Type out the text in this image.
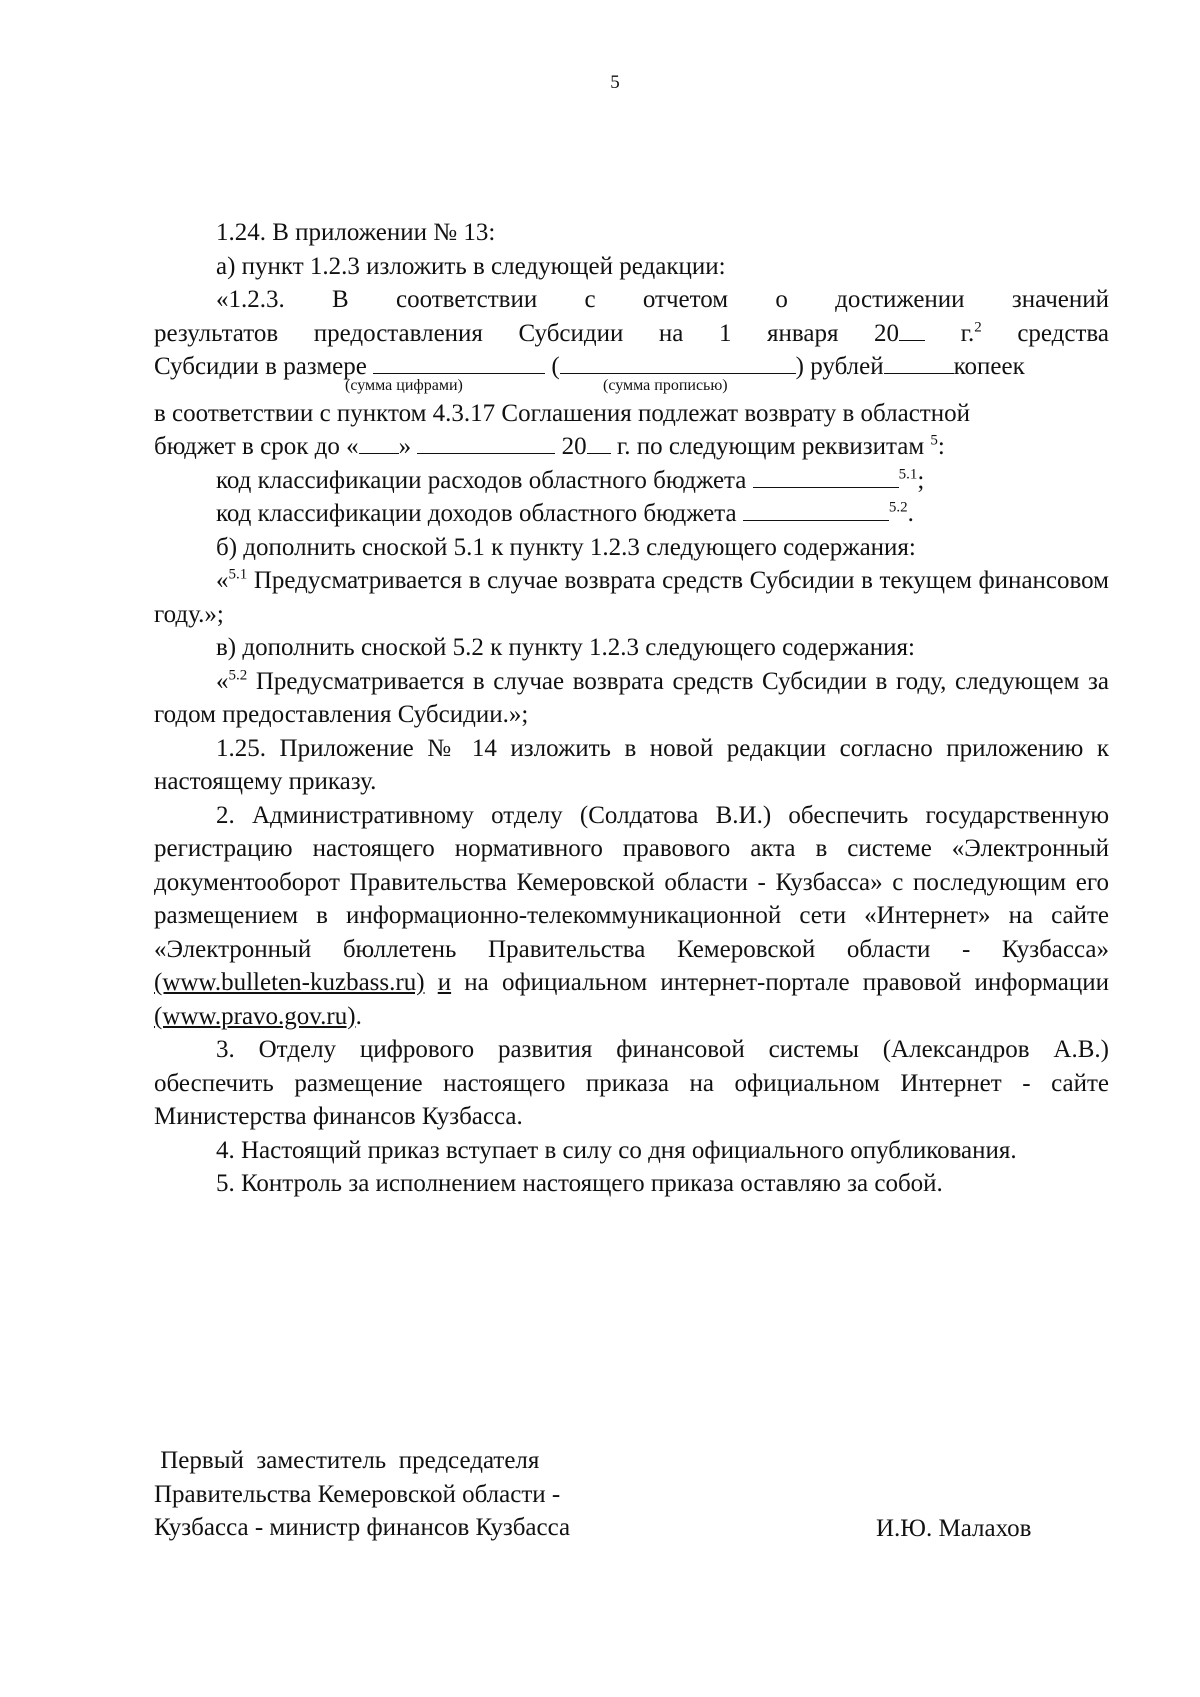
5

1.24. В приложении № 13:

а) пункт 1.2.3 изложить в следующей редакции:

«1.2.3. В соответствии с отчетом о достижении значений

результатов предоставления Субсидии на 1 января 20 г.$^2$ средства

Субсидии в размере	(	) рублей	копеек

(сумма цифрами)	(сумма прописью)

в соответствии с пунктом 4.3.17 Соглашения подлежат возврату в областной

бюджет в срок до « »	20 г. по следующим реквизитам $^5$:

код классификации расходов областного бюджета	$^{5.1}$;

код классификации доходов областного бюджета	$^{5.2}$.

б) дополнить сноской 5.1 к пункту 1.2.3 следующего содержания:

«$^{5.1}$ Предусматривается в случае возврата средств Субсидии в текущем финансовом году.»;

в) дополнить сноской 5.2 к пункту 1.2.3 следующего содержания:

«$^{5.2}$ Предусматривается в случае возврата средств Субсидии в году, следующем за годом предоставления Субсидии.»;

1.25. Приложение № 14 изложить в новой редакции согласно приложению к настоящему приказу.

2. Административному отделу (Солдатова В.И.) обеспечить государственную регистрацию настоящего нормативного правового акта в системе «Электронный документооборот Правительства Кемеровской области - Кузбасса» с последующим его размещением в информационно-телекоммуникационной сети «Интернет» на сайте «Электронный бюллетень Правительства Кемеровской области - Кузбасса» (www.bulleten-kuzbass.ru) и на официальном интернет-портале правовой информации (www.pravo.gov.ru).

3. Отделу цифрового развития финансовой системы (Александров А.В.) обеспечить размещение настоящего приказа на официальном Интернет - сайте Министерства финансов Кузбасса.

4. Настоящий приказ вступает в силу со дня официального опубликования.

5. Контроль за исполнением настоящего приказа оставляю за собой.

Первый  заместитель  председателя

Правительства Кемеровской области -

Кузбасса - министр финансов Кузбасса	И.Ю. Малахов
